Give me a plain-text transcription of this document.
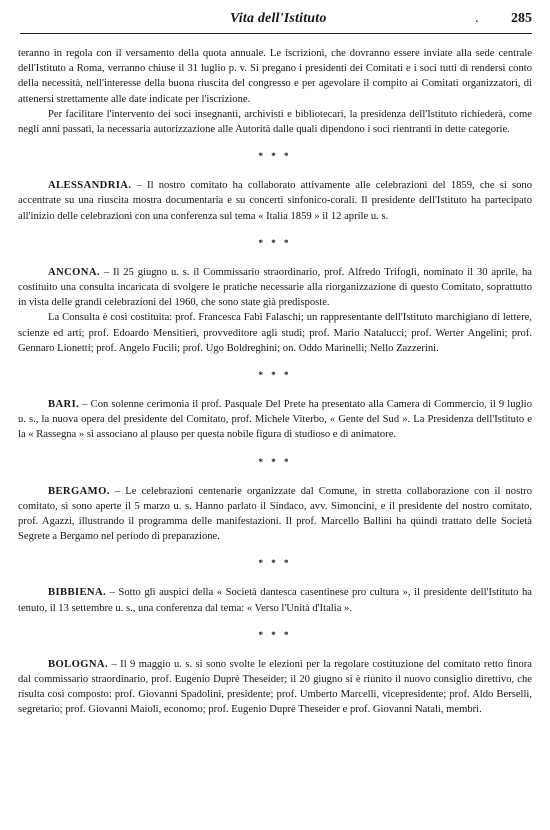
Vita dell'Istituto	. 285

teranno in regola con il versamento della quota annuale. Le iscrizioni, che dovranno essere inviate alla sede centrale dell'Istituto a Roma, verranno chiuse il 31 luglio p. v. Si pregano i presidenti dei Comitati e i soci tutti di rendersi conto della necessità, nell'interesse della buona riuscita del congresso e per agevolare il compito ai Comitati organizzatori, di attenersi strettamente alle date indicate per l'iscrizione.

Per facilitare l'intervento dei soci insegnanti, archivisti e bibliotecari, la presidenza dell'Istituto richiederà, come negli anni passati, la necessaria autorizzazione alle Autorità dalle quali dipendono i soci rientranti in dette categorie.

* * *

ALESSANDRIA. – Il nostro comitato ha collaborato attivamente alle celebrazioni del 1859, che si sono accentrate su una riuscita mostra documentaria e su concerti sinfonico-corali. Il presidente dell'Istituto ha partecipato all'inizio delle celebrazioni con una conferenza sul tema « Italia 1859 » il 12 aprile u. s.

* * *

ANCONA. – Il 25 giugno u. s. il Commissario straordinario, prof. Alfredo Trifogli, nominato il 30 aprile, ha costituito una consulta incaricata di svolgere le pratiche necessarie alla riorganizzazione di questo Comitato, soprattutto in vista delle grandi celebrazioni del 1960, che sono state già predisposte.

La Consulta è così costituita: prof. Francesca Fabi Falaschi; un rappresentante dell'Istituto marchigiano di lettere, scienze ed arti; prof. Edoardo Mensitieri, provveditore agli studi; prof. Mario Natalucci; prof. Werter Angelini; prof. Gennaro Lionetti; prof. Angelo Fucili; prof. Ugo Boldreghini; on. Oddo Marinelli; Nello Zazzerini.

* * *

BARI. – Con solenne cerimonia il prof. Pasquale Del Prete ha presentato alla Camera di Commercio, il 9 luglio u. s., la nuova opera del presidente del Comitato, prof. Michele Viterbo, « Gente del Sud ». La Presidenza dell'Istituto e la « Rassegna » si associano al plauso per questa nobile figura di studioso e di animatore.

* * *

BERGAMO. – Le celebrazioni centenarie organizzate dal Comune, in stretta collaborazione con il nostro comitato, si sono aperte il 5 marzo u. s. Hanno parlato il Sindaco, avv. Simoncini, e il presidente del nostro comitato, prof. Agazzi, illustrando il programma delle manifestazioni. Il prof. Marcello Ballini ha quindi trattato delle Società Segrete a Bergamo nel periodo di preparazione.

* * *

BIBBIENA. – Sotto gli auspici della « Società dantesca casentinese pro cultura », il presidente dell'Istituto ha tenuto, il 13 settembre u. s., una conferenza dal tema: « Verso l'Unità d'Italia ».

* * *

BOLOGNA. – Il 9 maggio u. s. si sono svolte le elezioni per la regolare costituzione del comitato retto finora dal commissario straordinario, prof. Eugenio Duprè Theseider; il 20 giugno si è riunito il nuovo consiglio direttivo, che risulta così composto: prof. Giovanni Spadolini, presidente; prof. Umberto Marcelli, vicepresidente; prof. Aldo Berselli, segretario; prof. Giovanni Maioli, economo; prof. Eugenio Duprè Theseider e prof. Giovanni Natali, membri.
